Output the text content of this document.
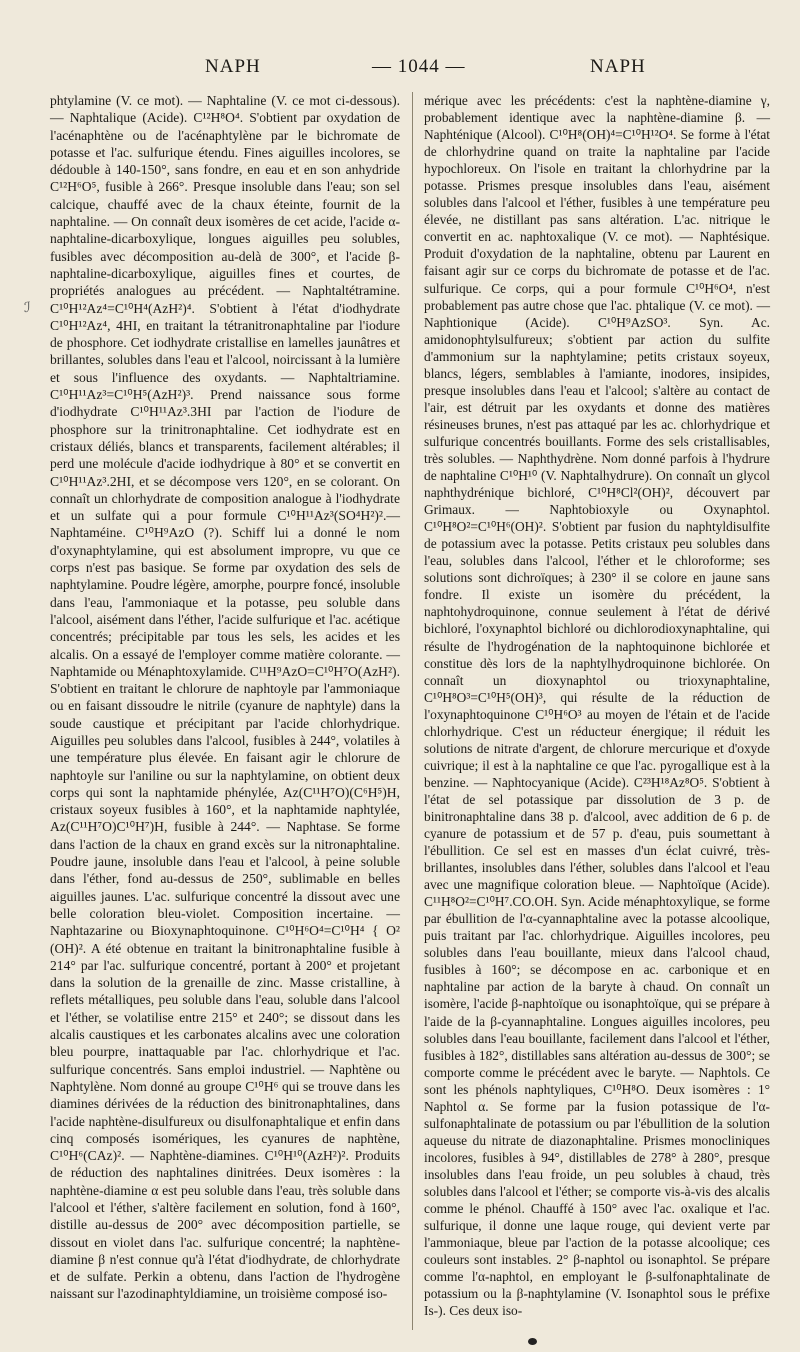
NAPH	— 1044 —	NAPH
ℐ

phtylamine (V. ce mot). — Naphtaline (V. ce mot ci-dessous). — Naphtalique (Acide). C¹²H⁸O⁴. S'obtient par oxydation de l'acénaphtène ou de l'acénaphtylène par le bichromate de potasse et l'ac. sulfurique étendu. Fines aiguilles incolores, se dédouble à 140-150°, sans fondre, en eau et en son anhydride C¹²H⁶O⁵, fusible à 266°. Presque insoluble dans l'eau; son sel calcique, chauffé avec de la chaux éteinte, fournit de la naphtaline. — On connaît deux isomères de cet acide, l'acide α-naphtaline-dicarboxylique, longues aiguilles peu solubles, fusibles avec décomposition au-delà de 300°, et l'acide β-naphtaline-dicarboxylique, aiguilles fines et courtes, de propriétés analogues au précédent. — Naphtaltétramine. C¹⁰H¹²Az⁴=C¹⁰H⁴(AzH²)⁴. S'obtient à l'état d'iodhydrate C¹⁰H¹²Az⁴, 4HI, en traitant la tétranitronaphtaline par l'iodure de phosphore. Cet iodhydrate cristallise en lamelles jaunâtres et brillantes, solubles dans l'eau et l'alcool, noircissant à la lumière et sous l'influence des oxydants. — Naphtaltriamine. C¹⁰H¹¹Az³=C¹⁰H⁵(AzH²)³. Prend naissance sous forme d'iodhydrate C¹⁰H¹¹Az³.3HI par l'action de l'iodure de phosphore sur la trinitronaphtaline. Cet iodhydrate est en cristaux déliés, blancs et transparents, facilement altérables; il perd une molécule d'acide iodhydrique à 80° et se convertit en C¹⁰H¹¹Az³.2HI, et se décompose vers 120°, en se colorant. On connaît un chlorhydrate de composition analogue à l'iodhydrate et un sulfate qui a pour formule C¹⁰H¹¹Az³(SO⁴H²)².—Naphtaméine. C¹⁰H⁹AzO (?). Schiff lui a donné le nom d'oxynaphtylamine, qui est absolument impropre, vu que ce corps n'est pas basique. Se forme par oxydation des sels de naphtylamine. Poudre légère, amorphe, pourpre foncé, insoluble dans l'eau, l'ammoniaque et la potasse, peu soluble dans l'alcool, aisément dans l'éther, l'acide sulfurique et l'ac. acétique concentrés; précipitable par tous les sels, les acides et les alcalis. On a essayé de l'employer comme matière colorante. — Naphtamide ou Ménaphtoxylamide. C¹¹H⁹AzO=C¹⁰H⁷O(AzH²). S'obtient en traitant le chlorure de naphtoyle par l'ammoniaque ou en faisant dissoudre le nitrile (cyanure de naphtyle) dans la soude caustique et précipitant par l'acide chlorhydrique. Aiguilles peu solubles dans l'alcool, fusibles à 244°, volatiles à une température plus élevée. En faisant agir le chlorure de naphtoyle sur l'aniline ou sur la naphtylamine, on obtient deux corps qui sont la naphtamide phénylée, Az(C¹¹H⁷O)(C⁶H⁵)H, cristaux soyeux fusibles à 160°, et la naphtamide naphtylée, Az(C¹¹H⁷O)C¹⁰H⁷)H, fusible à 244°. — Naphtase. Se forme dans l'action de la chaux en grand excès sur la nitronaphtaline. Poudre jaune, insoluble dans l'eau et l'alcool, à peine soluble dans l'éther, fond au-dessus de 250°, sublimable en belles aiguilles jaunes. L'ac. sulfurique concentré la dissout avec une belle coloration bleu-violet. Composition incertaine. — Naphtazarine ou Bioxynaphtoquinone. C¹⁰H⁶O⁴=C¹⁰H⁴ { O² (OH)². A été obtenue en traitant la binitronaphtaline fusible à 214° par l'ac. sulfurique concentré, portant à 200° et projetant dans la solution de la grenaille de zinc. Masse cristalline, à reflets métalliques, peu soluble dans l'eau, soluble dans l'alcool et l'éther, se volatilise entre 215° et 240°; se dissout dans les alcalis caustiques et les carbonates alcalins avec une coloration bleu pourpre, inattaquable par l'ac. chlorhydrique et l'ac. sulfurique concentrés. Sans emploi industriel. — Naphtène ou Naphtylène. Nom donné au groupe C¹⁰H⁶ qui se trouve dans les diamines dérivées de la réduction des binitronaphtalines, dans l'acide naphtène-disulfureux ou disulfonaphtalique et enfin dans cinq composés isomériques, les cyanures de naphtène, C¹⁰H⁶(CAz)². — Naphtène-diamines. C¹⁰H¹⁰(AzH²)². Produits de réduction des naphtalines dinitrées. Deux isomères : la naphtène-diamine α est peu soluble dans l'eau, très soluble dans l'alcool et l'éther, s'altère facilement en solution, fond à 160°, distille au-dessus de 200° avec décomposition partielle, se dissout en violet dans l'ac. sulfurique concentré; la naphtène-diamine β n'est connue qu'à l'état d'iodhydrate, de chlorhydrate et de sulfate. Perkin a obtenu, dans l'action de l'hydrogène naissant sur l'azodinaphtyldiamine, un troisième composé iso-

mérique avec les précédents: c'est la naphtène-diamine γ, probablement identique avec la naphtène-diamine β. — Naphténique (Alcool). C¹⁰H⁸(OH)⁴=C¹⁰H¹²O⁴. Se forme à l'état de chlorhydrine quand on traite la naphtaline par l'acide hypochloreux. On l'isole en traitant la chlorhydrine par la potasse. Prismes presque insolubles dans l'eau, aisément solubles dans l'alcool et l'éther, fusibles à une température peu élevée, ne distillant pas sans altération. L'ac. nitrique le convertit en ac. naphtoxalique (V. ce mot). — Naphtésique. Produit d'oxydation de la naphtaline, obtenu par Laurent en faisant agir sur ce corps du bichromate de potasse et de l'ac. sulfurique. Ce corps, qui a pour formule C¹⁰H⁶O⁴, n'est probablement pas autre chose que l'ac. phtalique (V. ce mot). — Naphtionique (Acide). C¹⁰H⁹AzSO³. Syn. Ac. amidonophtylsulfureux; s'obtient par action du sulfite d'ammonium sur la naphtylamine; petits cristaux soyeux, blancs, légers, semblables à l'amiante, inodores, insipides, presque insolubles dans l'eau et l'alcool; s'altère au contact de l'air, est détruit par les oxydants et donne des matières résineuses brunes, n'est pas attaqué par les ac. chlorhydrique et sulfurique concentrés bouillants. Forme des sels cristallisables, très solubles. — Naphthydrène. Nom donné parfois à l'hydrure de naphtaline C¹⁰H¹⁰ (V. Naphtalhydrure). On connaît un glycol naphthydrénique bichloré, C¹⁰H⁸Cl²(OH)², découvert par Grimaux. — Naphtobioxyle ou Oxynaphtol. C¹⁰H⁸O²=C¹⁰H⁶(OH)². S'obtient par fusion du naphtyldisulfite de potassium avec la potasse. Petits cristaux peu solubles dans l'eau, solubles dans l'alcool, l'éther et le chloroforme; ses solutions sont dichroïques; à 230° il se colore en jaune sans fondre. Il existe un isomère du précédent, la naphtohydroquinone, connue seulement à l'état de dérivé bichloré, l'oxynaphtol bichloré ou dichlorodioxynaphtaline, qui résulte de l'hydrogénation de la naphtoquinone bichlorée et constitue dès lors de la naphtylhydroquinone bichlorée. On connaît un dioxynaphtol ou trioxynaphtaline, C¹⁰H⁸O³=C¹⁰H⁵(OH)³, qui résulte de la réduction de l'oxynaphtoquinone C¹⁰H⁶O³ au moyen de l'étain et de l'acide chlorhydrique. C'est un réducteur énergique; il réduit les solutions de nitrate d'argent, de chlorure mercurique et d'oxyde cuivrique; il est à la naphtaline ce que l'ac. pyrogallique est à la benzine. — Naphtocyanique (Acide). C²³H¹⁸Az⁸O⁵. S'obtient à l'état de sel potassique par dissolution de 3 p. de binitronaphtaline dans 38 p. d'alcool, avec addition de 6 p. de cyanure de potassium et de 57 p. d'eau, puis soumettant à l'ébullition. Ce sel est en masses d'un éclat cuivré, très-brillantes, insolubles dans l'éther, solubles dans l'alcool et l'eau avec une magnifique coloration bleue. — Naphtoïque (Acide). C¹¹H⁸O²=C¹⁰H⁷.CO.OH. Syn. Acide ménaphtoxylique, se forme par ébullition de l'α-cyannaphtaline avec la potasse alcoolique, puis traitant par l'ac. chlorhydrique. Aiguilles incolores, peu solubles dans l'eau bouillante, mieux dans l'alcool chaud, fusibles à 160°; se décompose en ac. carbonique et en naphtaline par action de la baryte à chaud. On connaît un isomère, l'acide β-naphtoïque ou isonaphtoïque, qui se prépare à l'aide de la β-cyannaphtaline. Longues aiguilles incolores, peu solubles dans l'eau bouillante, facilement dans l'alcool et l'éther, fusibles à 182°, distillables sans altération au-dessus de 300°; se comporte comme le précédent avec le baryte. — Naphtols. Ce sont les phénols naphtyliques, C¹⁰H⁸O. Deux isomères : 1° Naphtol α. Se forme par la fusion potassique de l'α-sulfonaphtalinate de potassium ou par l'ébullition de la solution aqueuse du nitrate de diazonaphtaline. Prismes monocliniques incolores, fusibles à 94°, distillables de 278° à 280°, presque insolubles dans l'eau froide, un peu solubles à chaud, très solubles dans l'alcool et l'éther; se comporte vis-à-vis des alcalis comme le phénol. Chauffé à 150° avec l'ac. oxalique et l'ac. sulfurique, il donne une laque rouge, qui devient verte par l'ammoniaque, bleue par l'action de la potasse alcoolique; ces couleurs sont instables. 2° β-naphtol ou isonaphtol. Se prépare comme l'α-naphtol, en employant le β-sulfonaphtalinate de potassium ou la β-naphtylamine (V. Isonaphtol sous le préfixe Is-). Ces deux iso-
